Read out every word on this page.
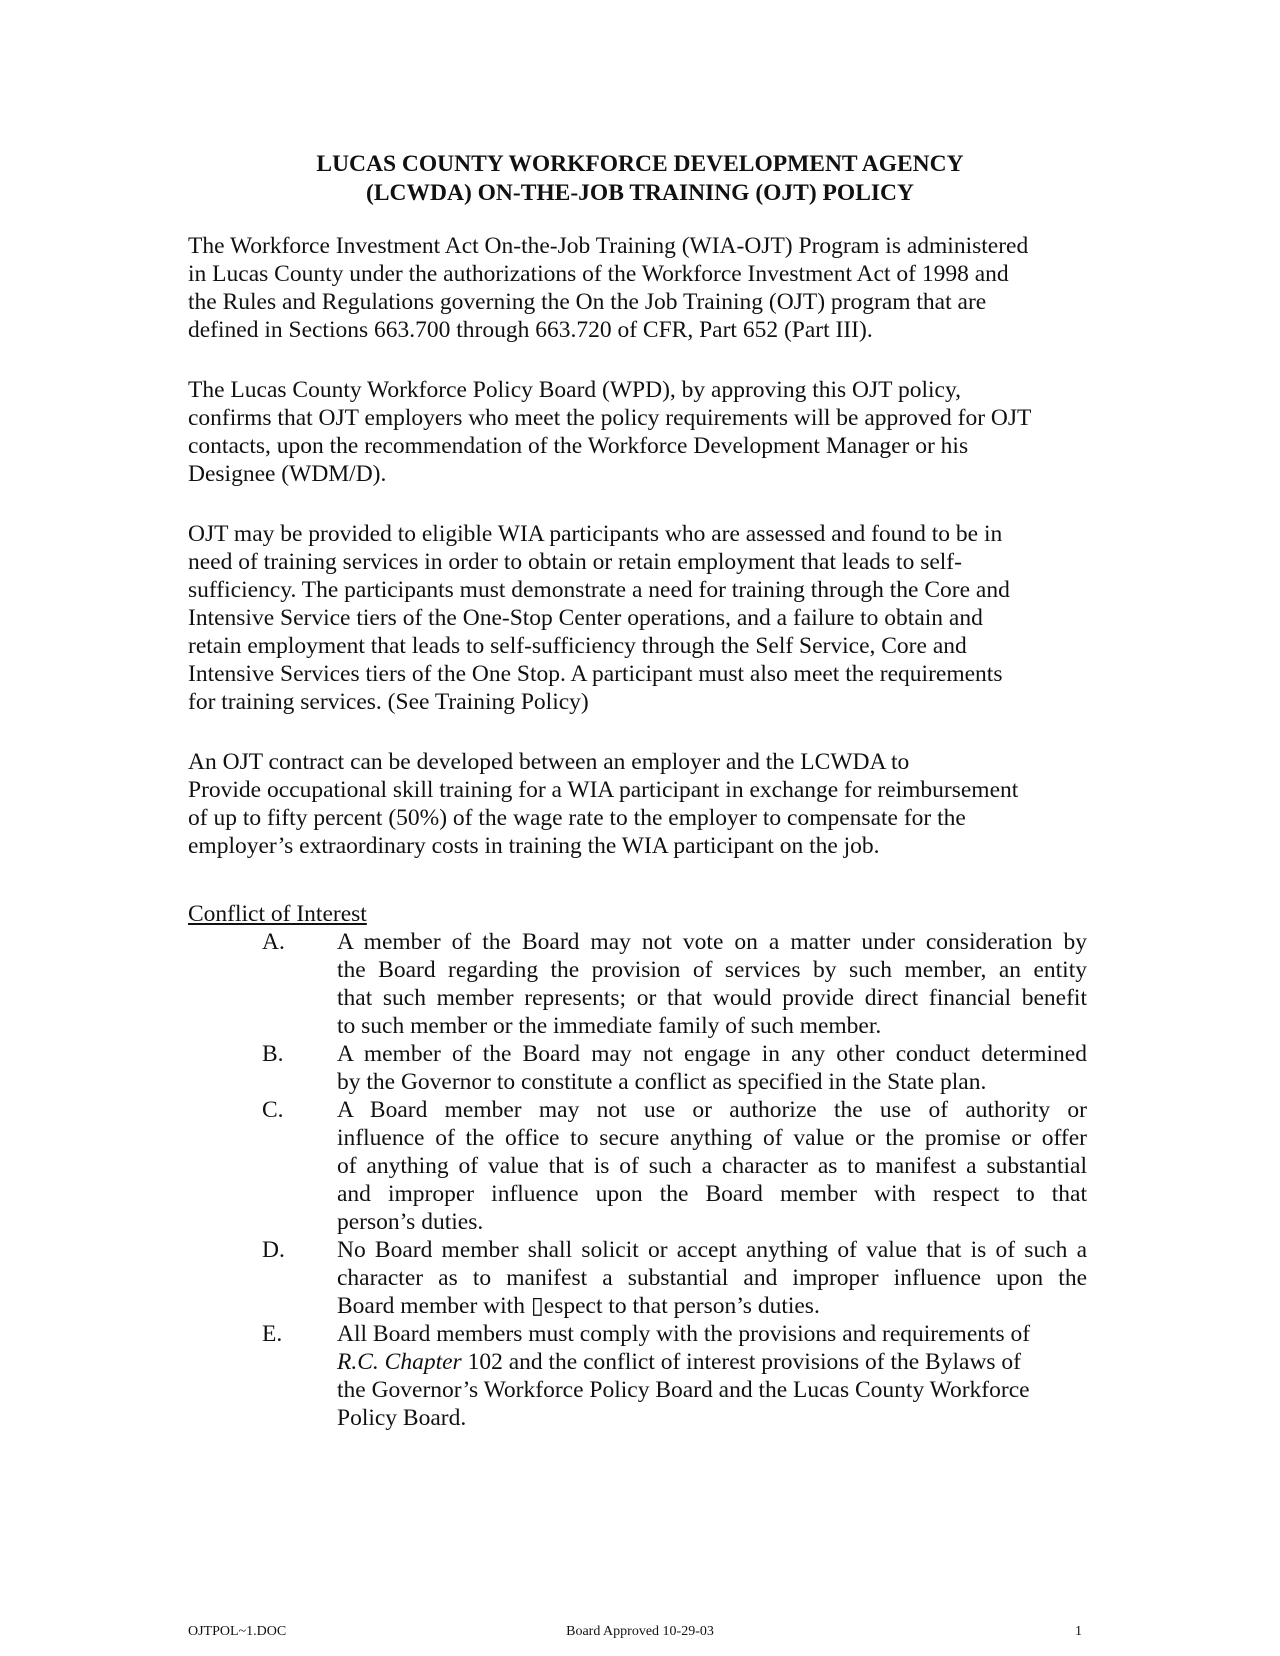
LUCAS COUNTY WORKFORCE DEVELOPMENT AGENCY
(LCWDA) ON-THE-JOB TRAINING (OJT) POLICY
The Workforce Investment Act On-the-Job Training (WIA-OJT) Program is administered
in Lucas County under the authorizations of the Workforce Investment Act of 1998 and
the Rules and Regulations governing the On the Job Training (OJT) program that are
defined in Sections 663.700 through 663.720 of CFR, Part 652 (Part III).
The Lucas County Workforce Policy Board (WPD), by approving this OJT policy,
confirms that OJT employers who meet the policy requirements will be approved for OJT
contacts, upon the recommendation of the Workforce Development Manager or his
Designee (WDM/D).
OJT may be provided to eligible WIA participants who are assessed and found to be in
need of training services in order to obtain or retain employment that leads to self-
sufficiency. The participants must demonstrate a need for training through the Core and
Intensive Service tiers of the One-Stop Center operations, and a failure to obtain and
retain employment that leads to self-sufficiency through the Self Service, Core and
Intensive Services tiers of the One Stop. A participant must also meet the requirements
for training services. (See Training Policy)
An OJT contract can be developed between an employer and the LCWDA to
Provide occupational skill training for a WIA participant in exchange for reimbursement
of up to fifty percent (50%) of the wage rate to the employer to compensate for the
employer’s extraordinary costs in training the WIA participant on the job.
Conflict of Interest
A. A member of the Board may not vote on a matter under consideration by
the Board regarding the provision of services by such member, an entity
that such member represents; or that would provide direct financial benefit
to such member or the immediate family of such member.
B. A member of the Board may not engage in any other conduct determined
by the Governor to constitute a conflict as specified in the State plan.
C. A Board member may not use or authorize the use of authority or
influence of the office to secure anything of value or the promise or offer
of anything of value that is of such a character as to manifest a substantial
and improper influence upon the Board member with respect to that
person’s duties.
D. No Board member shall solicit or accept anything of value that is of such a
character as to manifest a substantial and improper influence upon the
Board member with ▯espect to that person’s duties.
E. All Board members must comply with the provisions and requirements of
R.C. Chapter 102 and the conflict of interest provisions of the Bylaws of
the Governor’s Workforce Policy Board and the Lucas County Workforce
Policy Board.
OJTPOL~1.DOC	Board Approved 10-29-03	1
